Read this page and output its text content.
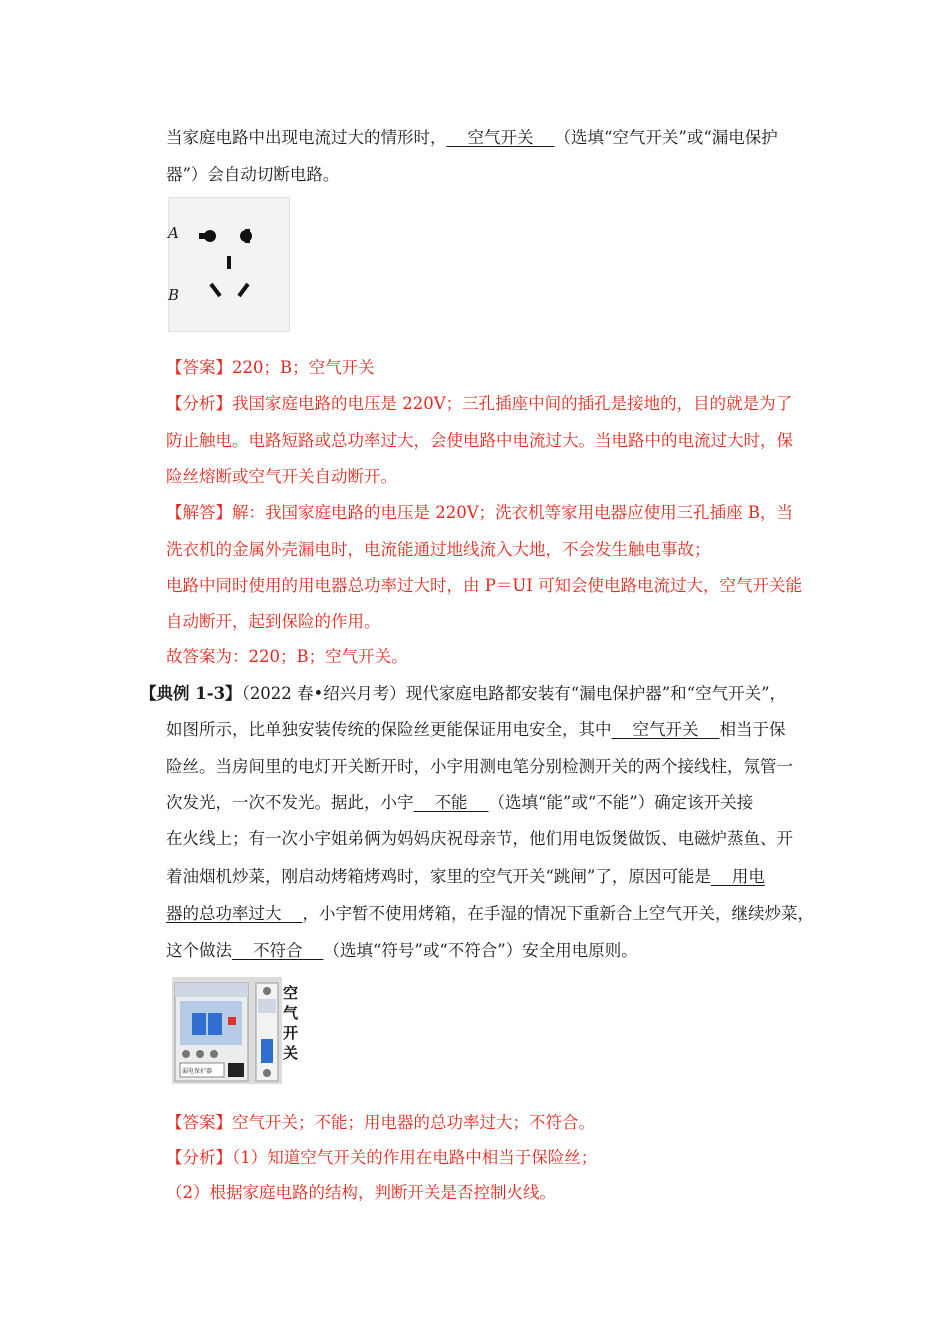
当家庭电路中出现电流过大的情形时，    空气开关    （选填“空气开关”或“漏电保护
器”）会自动切断电路。
A
B
【答案】220；B；空气开关
【分析】我国家庭电路的电压是 220V；三孔插座中间的插孔是接地的，目的就是为了
防止触电。电路短路或总功率过大，会使电路中电流过大。当电路中的电流过大时，保
险丝熔断或空气开关自动断开。
【解答】解：我国家庭电路的电压是 220V；洗衣机等家用电器应使用三孔插座 B，当
洗衣机的金属外壳漏电时，电流能通过地线流入大地，不会发生触电事故；
电路中同时使用的用电器总功率过大时，由 P＝UI 可知会使电路电流过大，空气开关能
自动断开，起到保险的作用。
故答案为：220；B；空气开关。
【典例 1-3】（2022 春•绍兴月考）现代家庭电路都安装有“漏电保护器”和“空气开关”，
如图所示，比单独安装传统的保险丝更能保证用电安全，其中    空气开关    相当于保
险丝。当房间里的电灯开关断开时，小宇用测电笔分别检测开关的两个接线柱，氖管一
次发光，一次不发光。据此，小宇    不能    （选填“能”或“不能”）确定该开关接
在火线上；有一次小宇姐弟俩为妈妈庆祝母亲节，他们用电饭煲做饭、电磁炉蒸鱼、开
着油烟机炒菜，刚启动烤箱烤鸡时，家里的空气开关“跳闸”了，原因可能是    用电
器的总功率过大    ，小宇暂不使用烤箱，在手湿的情况下重新合上空气开关，继续炒菜，
这个做法    不符合    （选填“符号”或“不符合”）安全用电原则。
漏电保护器
空
气
开
关
【答案】空气开关；不能；用电器的总功率过大；不符合。
【分析】（1）知道空气开关的作用在电路中相当于保险丝；
（2）根据家庭电路的结构，判断开关是否控制火线。
